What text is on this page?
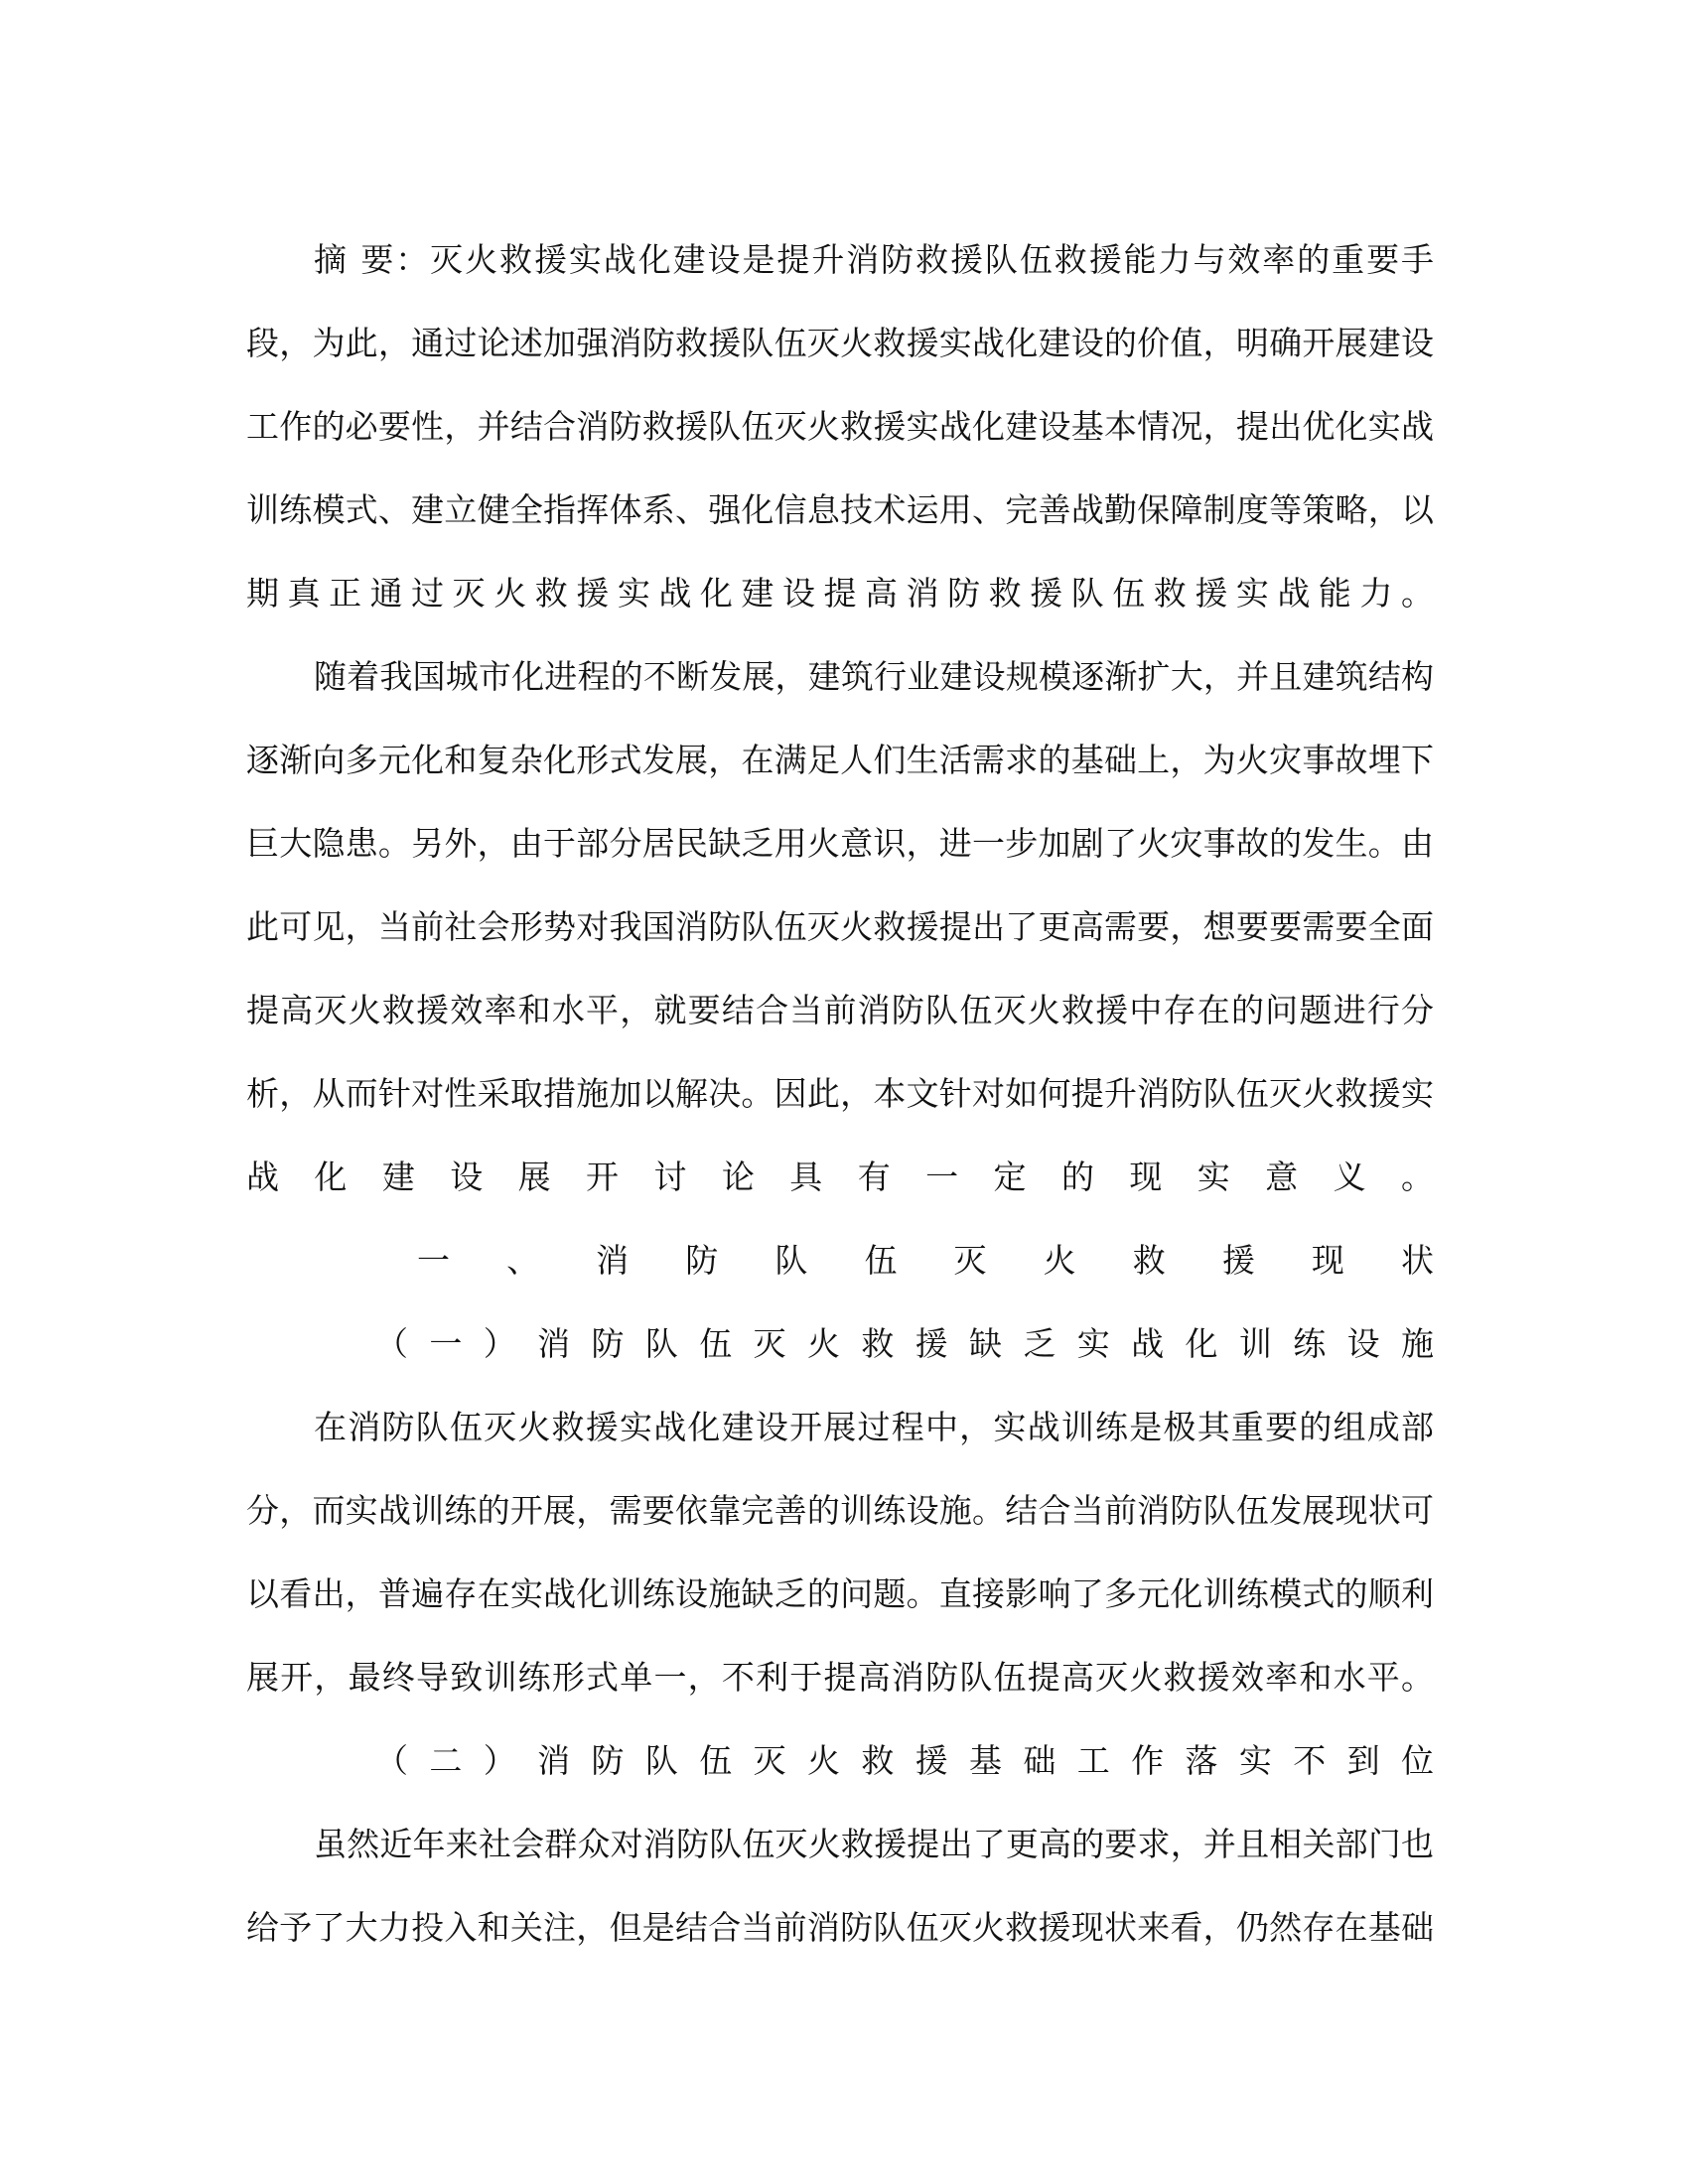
摘 要：灭火救援实战化建设是提升消防救援队伍救援能力与效率的重要手
段，为此，通过论述加强消防救援队伍灭火救援实战化建设的价值，明确开展建设
工作的必要性，并结合消防救援队伍灭火救援实战化建设基本情况，提出优化实战
训练模式、建立健全指挥体系、强化信息技术运用、完善战勤保障制度等策略，以
期真正通过灭火救援实战化建设提高消防救援队伍救援实战能力。
随着我国城市化进程的不断发展，建筑行业建设规模逐渐扩大，并且建筑结构
逐渐向多元化和复杂化形式发展，在满足人们生活需求的基础上，为火灾事故埋下
巨大隐患。另外，由于部分居民缺乏用火意识，进一步加剧了火灾事故的发生。由
此可见，当前社会形势对我国消防队伍灭火救援提出了更高需要，想要要需要全面
提高灭火救援效率和水平，就要结合当前消防队伍灭火救援中存在的问题进行分
析，从而针对性采取措施加以解决。因此，本文针对如何提升消防队伍灭火救援实
战化建设展开讨论具有一定的现实意义。
一、消防队伍灭火救援现状
（一）消防队伍灭火救援缺乏实战化训练设施
在消防队伍灭火救援实战化建设开展过程中，实战训练是极其重要的组成部
分，而实战训练的开展，需要依靠完善的训练设施。结合当前消防队伍发展现状可
以看出，普遍存在实战化训练设施缺乏的问题。直接影响了多元化训练模式的顺利
展开，最终导致训练形式单一，不利于提高消防队伍提高灭火救援效率和水平。
（二）消防队伍灭火救援基础工作落实不到位
虽然近年来社会群众对消防队伍灭火救援提出了更高的要求，并且相关部门也
给予了大力投入和关注，但是结合当前消防队伍灭火救援现状来看，仍然存在基础
